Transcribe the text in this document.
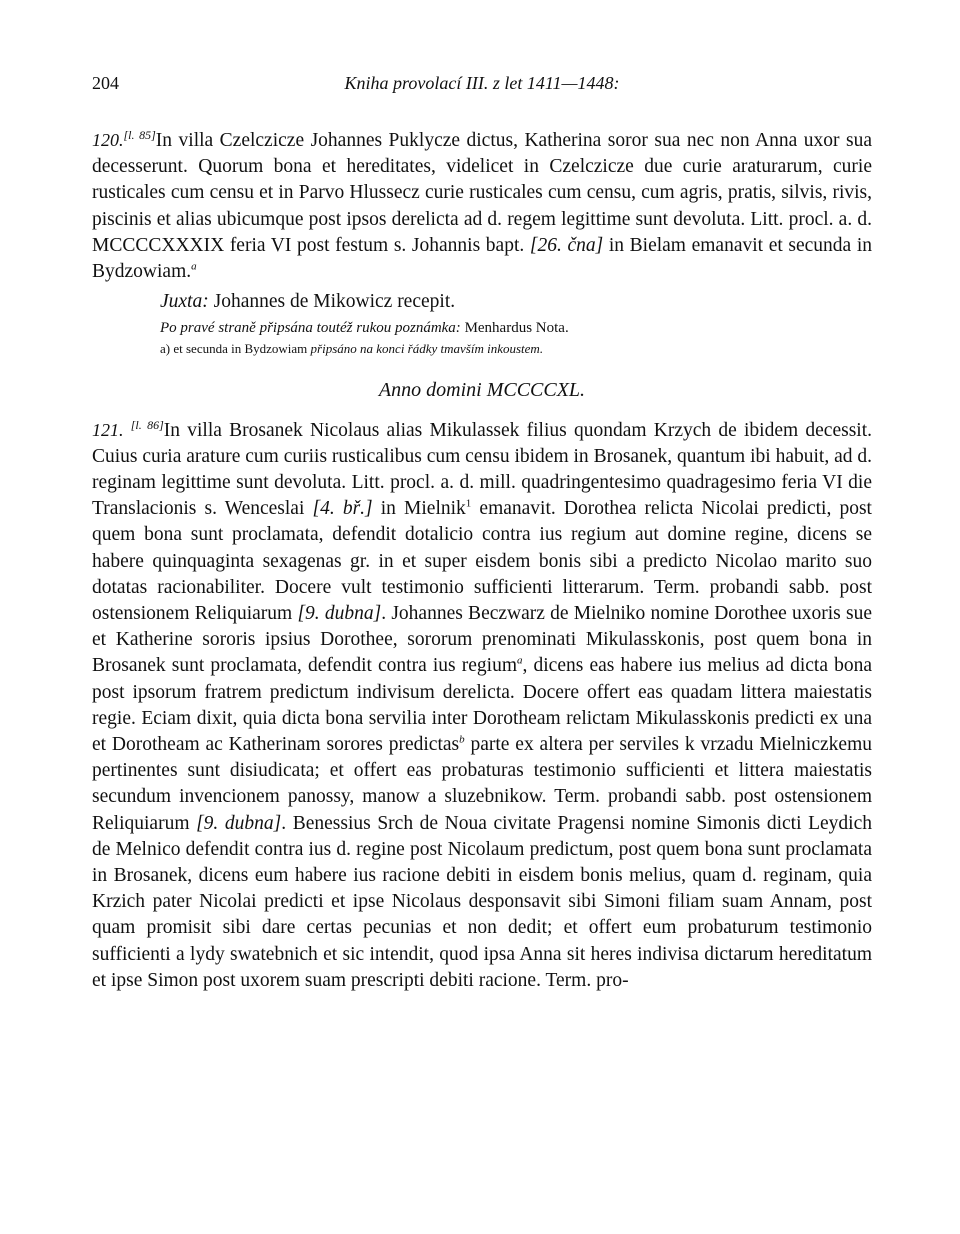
204	Kniha provolací III. z let 1411—1448:

120.[l. 85]In villa Czelczicze Johannes Puklycze dictus, Katherina soror sua nec non Anna uxor sua decesserunt. Quorum bona et hereditates, videlicet in Czelczicze due curie araturarum, curie rusticales cum censu et in Parvo Hlussecz curie rusticales cum censu, cum agris, pratis, silvis, rivis, piscinis et alias ubicumque post ipsos derelicta ad d. regem legittime sunt devoluta. Litt. procl. a. d. MCCCCXXXIX feria VI post festum s. Johannis bapt. [26. čna] in Bielam emanavit et secunda in Bydzowiam.$^a$

Juxta: Johannes de Mikowicz recepit.

Po pravé straně připsána toutéž rukou poznámka: Menhardus Nota.

a) et secunda in Bydzowiam připsáno na konci řádky tmavším inkoustem.

Anno domini MCCCCXL.

121. [l. 86]In villa Brosanek Nicolaus alias Mikulassek filius quondam Krzych de ibidem decessit. Cuius curia arature cum curiis rusticalibus cum censu ibidem in Brosanek, quantum ibi habuit, ad d. reginam legittime sunt devoluta. Litt. procl. a. d. mill. quadringentesimo quadragesimo feria VI die Translacionis s. Wenceslai [4. bř.] in Mielnik$^1$ emanavit. Dorothea relicta Nicolai predicti, post quem bona sunt proclamata, defendit dotalicio contra ius regium aut domine regine, dicens se habere quinquaginta sexagenas gr. in et super eisdem bonis sibi a predicto Nicolao marito suo dotatas racionabiliter. Docere vult testimonio sufficienti litterarum. Term. probandi sabb. post ostensionem Reliquiarum [9. dubna]. Johannes Beczwarz de Mielniko nomine Dorothee uxoris sue et Katherine sororis ipsius Dorothee, sororum prenominati Mikulasskonis, post quem bona in Brosanek sunt proclamata, defendit contra ius regium$^a$, dicens eas habere ius melius ad dicta bona post ipsorum fratrem predictum indivisum derelicta. Docere offert eas quadam littera maiestatis regie. Eciam dixit, quia dicta bona servilia inter Dorotheam relictam Mikulasskonis predicti ex una et Dorotheam ac Katherinam sorores predictas$^b$ parte ex altera per serviles k vrzadu Mielniczkemu pertinentes sunt disiudicata; et offert eas probaturas testimonio sufficienti et littera maiestatis secundum invencionem panossy, manow a sluzebnikow. Term. probandi sabb. post ostensionem Reliquiarum [9. dubna]. Benessius Srch de Noua civitate Pragensi nomine Simonis dicti Leydich de Melnico defendit contra ius d. regine post Nicolaum predictum, post quem bona sunt proclamata in Brosanek, dicens eum habere ius racione debiti in eisdem bonis melius, quam d. reginam, quia Krzich pater Nicolai predicti et ipse Nicolaus desponsavit sibi Simoni filiam suam Annam, post quam promisit sibi dare certas pecunias et non dedit; et offert eum probaturum testimonio sufficienti a lydy swatebnich et sic intendit, quod ipsa Anna sit heres indivisa dictarum hereditatum et ipse Simon post uxorem suam prescripti debiti racione. Term. pro-
